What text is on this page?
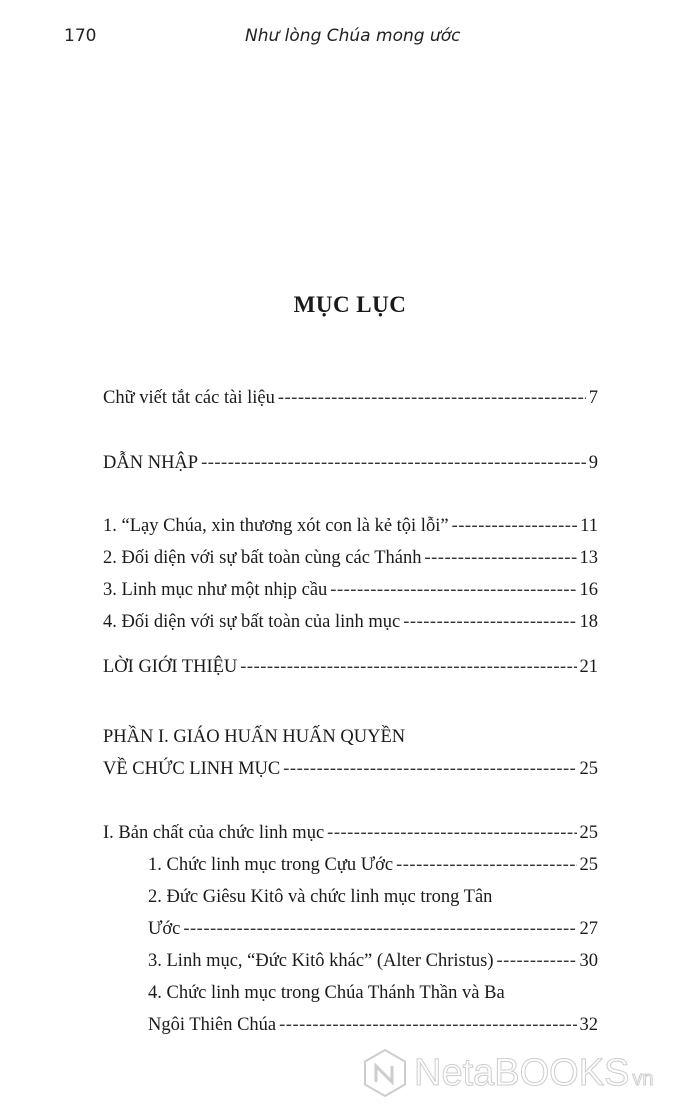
170	Như lòng Chúa mong ước
MỤC LỤC
Chữ viết tắt các tài liệu -----	7
DẪN NHẬP -----	9
1. “Lạy Chúa, xin thương xót con là kẻ tội lỗi” -----	11
2. Đối diện với sự bất toàn cùng các Thánh -----	13
3. Linh mục như một nhịp cầu -----	16
4. Đối diện với sự bất toàn của linh mục -----	18
LỜI GIỚI THIỆU -----	21
PHẦN I. GIÁO HUẤN HUẤN QUYỀN
VỀ CHỨC LINH MỤC -----	25
I. Bản chất của chức linh mục -----	25
1. Chức linh mục trong Cựu Ước -----	25
2. Đức Giêsu Kitô và chức linh mục trong Tân
Ước -----	27
3. Linh mục, “Đức Kitô khác” (Alter Christus) -----	30
4. Chức linh mục trong Chúa Thánh Thần và Ba
Ngôi Thiên Chúa -----	32
NetaBOOKS vn
